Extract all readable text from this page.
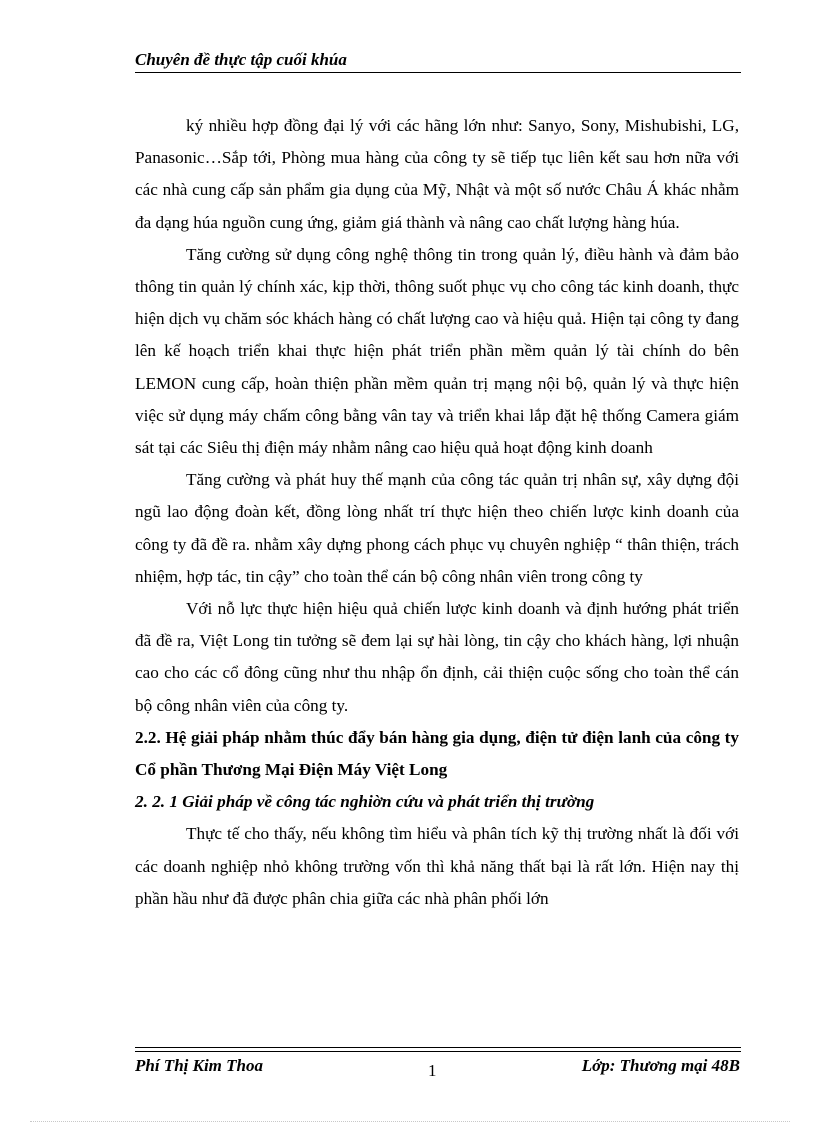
Chuyên đề thực tập cuối khúa

ký nhiều hợp đồng đại lý với các hãng lớn như: Sanyo, Sony, Mishubishi, LG, Panasonic…Sắp tới, Phòng mua hàng của công ty sẽ tiếp tục liên kết sau hơn nữa với các nhà cung cấp sản phẩm gia dụng của Mỹ, Nhật và một số nước Châu Á khác nhằm đa dạng húa nguồn cung ứng, giảm giá thành và nâng cao chất lượng hàng húa.

Tăng cường sử dụng công nghệ thông tin trong quản lý, điều hành và đảm bảo thông tin quản lý chính xác, kịp thời, thông suốt phục vụ cho công tác kinh doanh, thực hiện dịch vụ chăm sóc khách hàng có chất lượng cao và hiệu quả. Hiện tại công ty đang lên kế hoạch triển khai thực hiện phát triển phần mềm quản lý tài chính do bên LEMON cung cấp, hoàn thiện phần mềm quản trị mạng nội bộ, quản lý và thực hiện việc sử dụng máy chấm công bằng vân tay và triển khai lắp đặt hệ thống Camera giám sát tại các Siêu thị điện máy nhằm nâng cao hiệu quả hoạt động kinh doanh

Tăng cường và phát huy thế mạnh của công tác quản trị nhân sự, xây dựng đội ngũ lao động đoàn kết, đồng lòng nhất trí thực hiện theo chiến lược kinh doanh của công ty đã đề ra. nhằm xây dựng phong cách phục vụ chuyên nghiệp “ thân thiện, trách nhiệm, hợp tác, tin cậy” cho toàn thể cán bộ công nhân viên trong công ty

Với nỗ lực thực hiện hiệu quả chiến lược kinh doanh và định hướng phát triển đã đề ra, Việt Long tin tưởng sẽ đem lại sự hài lòng, tin cậy cho khách hàng, lợi nhuận cao cho các cổ đông cũng như thu nhập ổn định, cải thiện cuộc sống cho toàn thể cán bộ công nhân viên của công ty.

2.2. Hệ giải pháp nhằm thúc đẩy bán hàng gia dụng, điện tử điện lanh của công ty Cổ phần Thương Mại Điện Máy Việt Long

2. 2. 1 Giải pháp về công tác nghiờn cứu và phát triển thị trường

Thực tế cho thấy, nếu không tìm hiểu và phân tích kỹ thị trường nhất là đối với các doanh nghiệp nhỏ không trường vốn thì khả năng thất bại là rất lớn. Hiện nay thị phần hầu như đã được phân chia giữa các nhà phân phối lớn

Phí Thị Kim Thoa	1	Lớp: Thương mại 48B
